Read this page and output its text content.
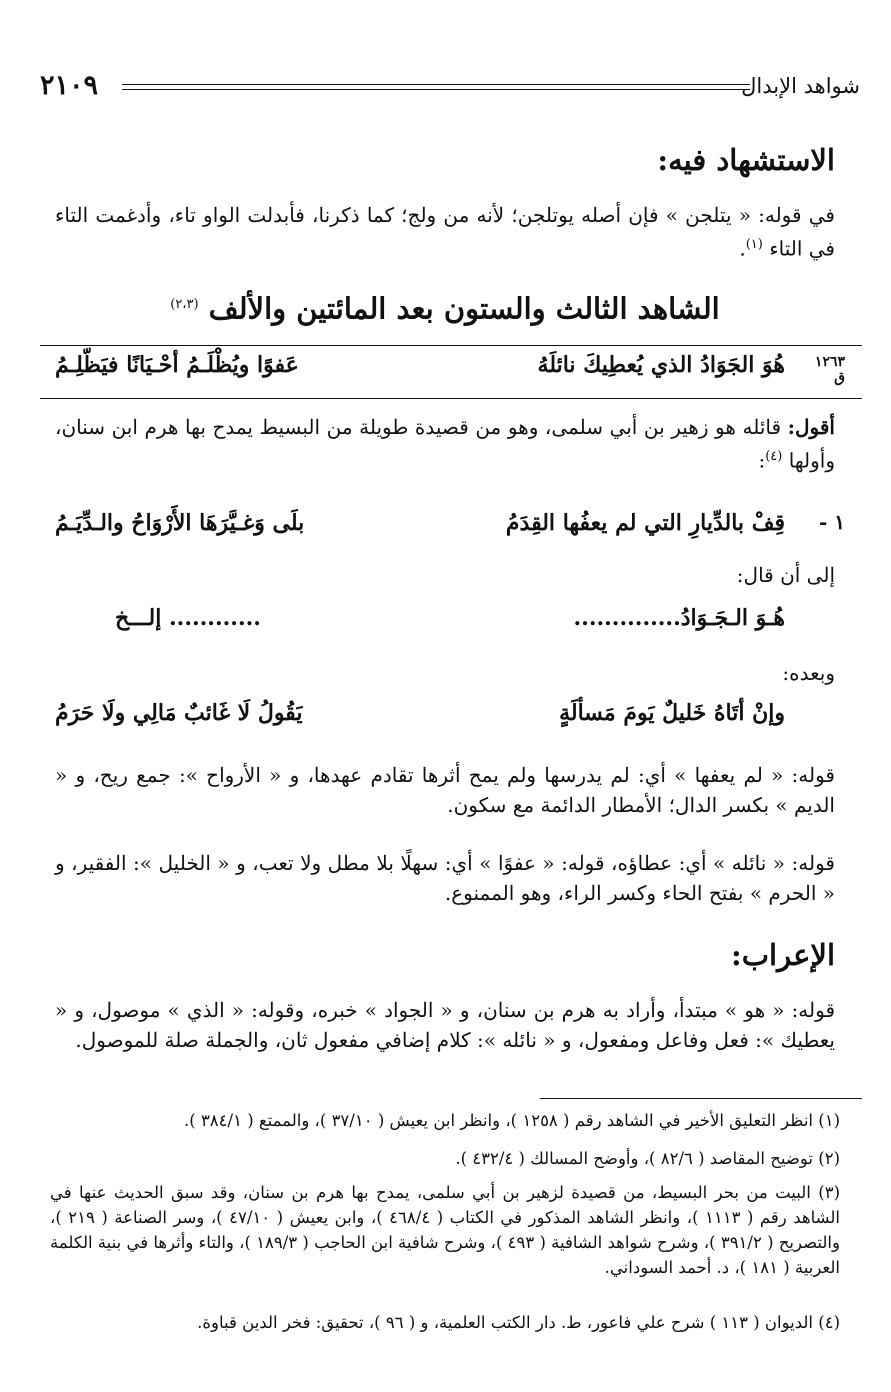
شواهد الإبدال
٢١٠٩
الاستشهاد فيه:
في قوله: « يتلجن » فإن أصله يوتلجن؛ لأنه من ولج؛ كما ذكرنا، فأبدلت الواو تاء، وأدغمت التاء في التاء $^{(١)}$.
الشاهد الثالث والستون بعد المائتين والألف $^{(٢،٣)}$
١٢٦٣
ق
هُوَ الجَوَادُ الذي يُعطِيكَ نائلَهُ
عَفوًا ويُظْلَـمُ أحْـيَانًا فيَظّلِـمُ
أقول: قائله هو زهير بن أبي سلمى، وهو من قصيدة طويلة من البسيط يمدح بها هرم ابن سنان، وأولها $^{(٤)}$:
١ -
قِفْ بالدِّيارِ التي لم يعفُها القِدَمُ
بلَى وَغـيَّرَهَا الأَرْوَاحُ والـدِّيَـمُ
إلى أن قال:
هُـوَ الـجَـوَادُ..............
............ إلـــخ
وبعده:
وإنْ أتَاهُ خَليلٌ يَومَ مَسألَةٍ
يَقُولُ لَا غَائبٌ مَالِي ولَا حَرَمُ
قوله: « لم يعفها » أي: لم يدرسها ولم يمح أثرها تقادم عهدها، و « الأرواح »: جمع ريح، و « الديم » بكسر الدال؛ الأمطار الدائمة مع سكون.
قوله: « نائله » أي: عطاؤه، قوله: « عفوًا » أي: سهلًا بلا مطل ولا تعب، و « الخليل »: الفقير، و « الحرم » بفتح الحاء وكسر الراء، وهو الممنوع.
الإعراب:
قوله: « هو » مبتدأ، وأراد به هرم بن سنان، و « الجواد » خبره، وقوله: « الذي » موصول، و « يعطيك »: فعل وفاعل ومفعول، و « نائله »: كلام إضافي مفعول ثان، والجملة صلة للموصول.
(١) انظر التعليق الأخير في الشاهد رقم ( ١٢٥٨ )، وانظر ابن يعيش ( ٣٧/١٠ )، والممتع ( ٣٨٤/١ ).
(٢) توضيح المقاصد ( ٨٢/٦ )، وأوضح المسالك ( ٤٣٢/٤ ).
(٣) البيت من بحر البسيط، من قصيدة لزهير بن أبي سلمى، يمدح بها هرم بن سنان، وقد سبق الحديث عنها في الشاهد رقم ( ١١١٣ )، وانظر الشاهد المذكور في الكتاب ( ٤٦٨/٤ )، وابن يعيش ( ٤٧/١٠ )، وسر الصناعة ( ٢١٩ )، والتصريح ( ٣٩١/٢ )، وشرح شواهد الشافية ( ٤٩٣ )، وشرح شافية ابن الحاجب ( ١٨٩/٣ )، والتاء وأثرها في بنية الكلمة العربية ( ١٨١ )، د. أحمد السوداني.
(٤) الديوان ( ١١٣ ) شرح علي فاعور، ط. دار الكتب العلمية، و ( ٩٦ )، تحقيق: فخر الدين قباوة.
